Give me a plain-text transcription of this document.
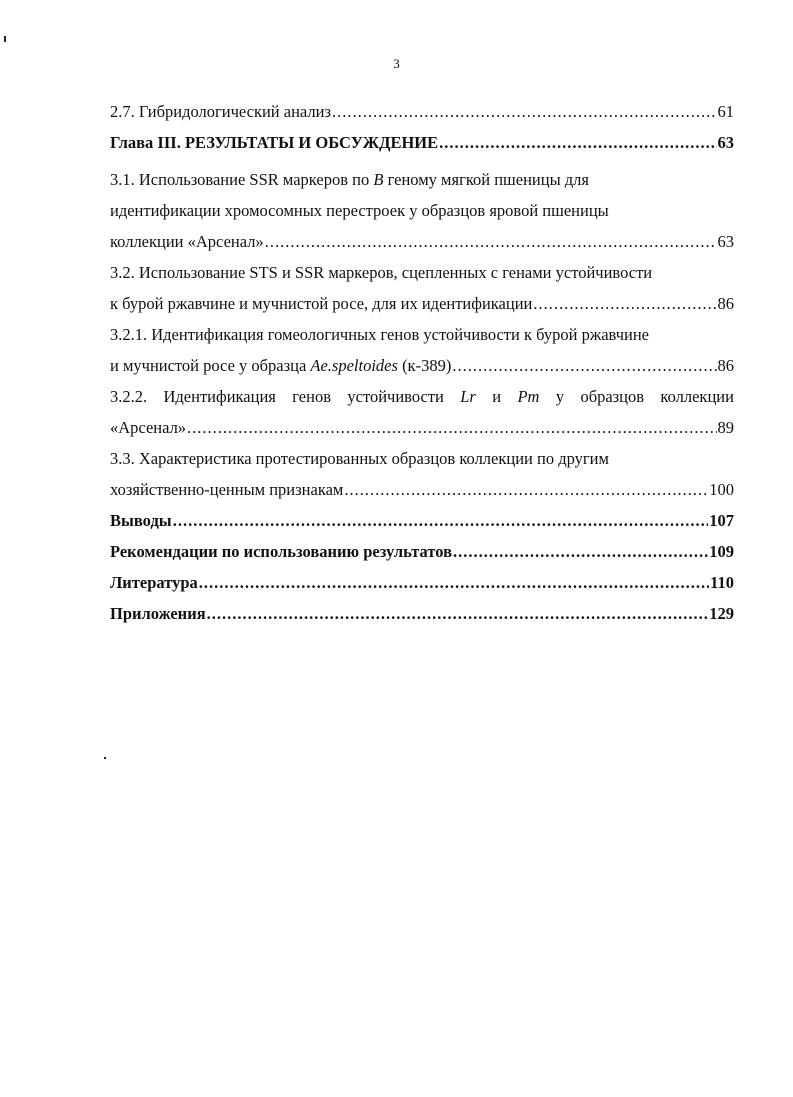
3
2.7. Гибридологический анализ .....	61
Глава III. РЕЗУЛЬТАТЫ И ОБСУЖДЕНИЕ .....	63
3.1. Использование SSR маркеров по B геному мягкой пшеницы для
идентификации хромосомных перестроек у образцов яровой пшеницы
коллекции «Арсенал» .....	63
3.2. Использование STS и SSR маркеров, сцепленных с генами устойчивости
к бурой ржавчине и мучнистой росе, для их идентификации .....	86
3.2.1. Идентификация гомеологичных генов устойчивости к бурой ржавчине
и мучнистой росе у образца Ae.speltoides (к-389) .....	86
3.2.2. Идентификация генов устойчивости Lr и Pm у образцов коллекции
«Арсенал» .....	89
3.3. Характеристика протестированных образцов коллекции по другим
хозяйственно-ценным признакам .....	100
Выводы .....	107
Рекомендации по использованию результатов .....	109
Литература .....	110
Приложения .....	129
